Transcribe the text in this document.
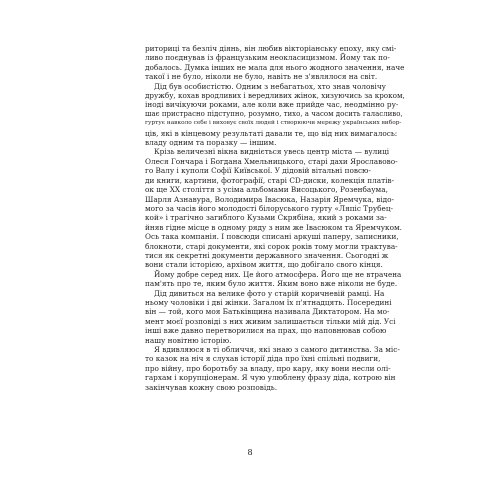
риториці та безліч діянь, він любив вікторіанську епоху, яку смі-
ливо поєднував із французьким неокласицизмом. Йому так по-
добалось. Думка інших не мала для нього жодного значення, наче
такої і не було, ніколи не було, навіть не з'являлося на світ.
Дід був особистістю. Одним з небагатьох, хто знав чоловічу
дружбу, кохав вродливих і вередливих жінок, хизуючись за кроком,
іноді вичікуючи роками, але коли вже прийде час, неодмінно ру-
шає пристрасно підступно, розумно, тихо, а часом досить галасливо,
гуртує навколо себе і виховує своїх людей і створюючи мережу українських вибор-
ців, які в кінцевому результаті давали те, що від них вимагалось:
владу одним та поразку — іншим.
Крізь величезні вікна видніється увесь центр міста — вулиці
Олеся Гончара і Богдана Хмельницького, старі дахи Ярославово-
го Валу і куполи Софії Київської. У дідовій вітальні повсю-
ди книги, картини, фотографії, старі CD-диски, колекція платів-
ок ще XX століття з усіма альбомами Висоцького, Розенбаума,
Шарля Азнавура, Володимира Івасюка, Назарія Яремчука, відо-
мого за часів його молодості білоруського гурту «Ляпіс Трубец-
кой» і трагічно загиблого Кузьми Скрябіна, який з роками за-
йняв гідне місце в одному ряду з ним же Івасюком та Яремчуком.
Ось така компанія. І повсюди списані аркуші паперу, записники,
блокноти, старі документи, які сорок років тому могли трактува-
тися як секретні документи державного значення. Сьогодні ж
вони стали історією, архівом життя, що добігало свого кінця.
Йому добре серед них. Це його атмосфера. Його ще не втрачена
пам'ять про те, яким було життя. Яким воно вже ніколи не буде.
Дід дивиться на велике фото у старій коричневій рамці. На
ньому чоловіки і дві жінки. Загалом їх п'ятнадцять. Посередині
він — той, кого моя Батьківщина називала Диктатором. На мо-
мент моєї розповіді з них живим залишається тільки мій дід. Усі
інші вже давно перетворилися на прах, що наповнював собою
нашу новітню історію.
Я вдивляюся в ті обличчя, які знаю з самого дитинства. За міс-
то казок на ніч я слухав історії діда про їхні спільні подвиги,
про війну, про боротьбу за владу, про кару, яку вони несли олі-
гархам і корупціонерам. Я чую улюблену фразу діда, котрою він
закінчував кожну свою розповідь.
8
